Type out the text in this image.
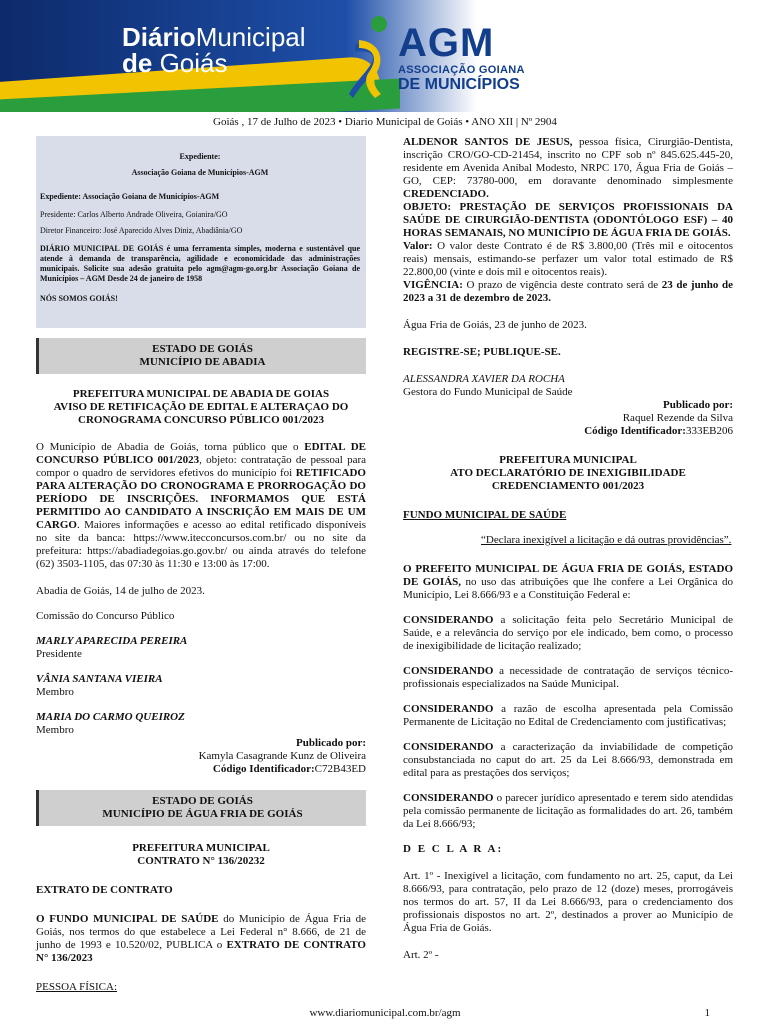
DiárioMunicipal
de Goiás	AGM
ASSOCIAÇÃO GOIANA
DE MUNICÍPIOS
Goiás , 17 de Julho de 2023 • Diario Municipal de Goiás • ANO XII | Nº 2904

Expediente:

Associação Goiana de Municípios-AGM

Expediente: Associação Goiana de Municípios-AGM

Presidente: Carlos Alberto Andrade Oliveira, Goianira/GO

Diretor Financeiro: José Aparecido Alves Diniz, Abadiânia/GO

DIÁRIO MUNICIPAL DE GOIÁS é uma ferramenta simples, moderna e sustentável que atende à demanda de transparência, agilidade e economicidade das administrações municipais. Solicite sua adesão gratuita pelo agm@agm-go.org.br Associação Goiana de Municípios – AGM Desde 24 de janeiro de 1958

NÓS SOMOS GOIÁS!

ESTADO DE GOIÁS
MUNICÍPIO DE ABADIA

PREFEITURA MUNICIPAL DE ABADIA DE GOIAS

AVISO DE RETIFICAÇÃO DE EDITAL E ALTERAÇAO DO

CRONOGRAMA CONCURSO PÚBLICO 001/2023

O Município de Abadia de Goiás, torna público que o EDITAL DE CONCURSO PÚBLICO 001/2023, objeto: contratação de pessoal para compor o quadro de servidores efetivos do município foi RETIFICADO PARA ALTERAÇÃO DO CRONOGRAMA E PRORROGAÇÃO DO PERÍODO DE INSCRIÇÕES. INFORMAMOS QUE ESTÁ PERMITIDO AO CANDIDATO A INSCRIÇÃO EM MAIS DE UM CARGO. Maiores informações e acesso ao edital retificado disponíveis no site da banca: https://www.itecconcursos.com.br/ ou no site da prefeitura: https://abadiadegoias.go.gov.br/ ou ainda através do telefone (62) 3503-1105, das 07:30 às 11:30 e 13:00 às 17:00.

Abadia de Goiás, 14 de julho de 2023.

Comissão do Concurso Público

MARLY APARECIDA PEREIRA

Presidente

VÂNIA SANTANA VIEIRA

Membro

MARIA DO CARMO QUEIROZ

Membro

Publicado por:

Kamyla Casagrande Kunz de Oliveira

Código Identificador:C72B43ED

ESTADO DE GOIÁS
MUNICÍPIO DE ÁGUA FRIA DE GOIÁS

PREFEITURA MUNICIPAL

CONTRATO N° 136/20232

EXTRATO DE CONTRATO

O FUNDO MUNICIPAL DE SAÚDE do Município de Água Fria de Goiás, nos termos do que estabelece a Lei Federal n° 8.666, de 21 de junho de 1993 e 10.520/02, PUBLICA o EXTRATO DE CONTRATO N° 136/2023

PESSOA FÍSICA:

ALDENOR SANTOS DE JESUS, pessoa física, Cirurgião-Dentista, inscrição CRO/GO-CD-21454, inscrito no CPF sob nº 845.625.445-20, residente em Avenida Aníbal Modesto, NRPC 170, Água Fria de Goiás – GO, CEP: 73780-000, em doravante denominado simplesmente CREDENCIADO.

OBJETO: PRESTAÇÃO DE SERVIÇOS PROFISSIONAIS DA SAÚDE DE CIRURGIÃO-DENTISTA (ODONTÓLOGO ESF) – 40 HORAS SEMANAIS, NO MUNICÍPIO DE ÁGUA FRIA DE GOIÁS.

Valor: O valor deste Contrato é de R$ 3.800,00 (Três mil e oitocentos reais) mensais, estimando-se perfazer um valor total estimado de R$ 22.800,00 (vinte e dois mil e oitocentos reais).

VIGÊNCIA: O prazo de vigência deste contrato será de 23 de junho de 2023 a 31 de dezembro de 2023.

Água Fria de Goiás, 23 de junho de 2023.

REGISTRE-SE; PUBLIQUE-SE.

ALESSANDRA XAVIER DA ROCHA

Gestora do Fundo Municipal de Saúde

Publicado por:

Raquel Rezende da Silva

Código Identificador:333EB206

PREFEITURA MUNICIPAL

ATO DECLARATÓRIO DE INEXIGIBILIDADE

CREDENCIAMENTO 001/2023

FUNDO MUNICIPAL DE SAÚDE

“Declara inexigível a licitação e dá outras providências”.

O PREFEITO MUNICIPAL DE ÁGUA FRIA DE GOIÁS, ESTADO DE GOIÁS, no uso das atribuições que lhe confere a Lei Orgânica do Município, Lei 8.666/93 e a Constituição Federal e:

CONSIDERANDO a solicitação feita pelo Secretário Municipal de Saúde, e a relevância do serviço por ele indicado, bem como, o processo de inexigibilidade de licitação realizado;

CONSIDERANDO a necessidade de contratação de serviços técnico-profissionais especializados na Saúde Municipal.

CONSIDERANDO a razão de escolha apresentada pela Comissão Permanente de Licitação no Edital de Credenciamento com justificativas;

CONSIDERANDO a caracterização da inviabilidade de competição consubstanciada no caput do art. 25 da Lei 8.666/93, demonstrada em edital para as prestações dos serviços;

CONSIDERANDO o parecer jurídico apresentado e terem sido atendidas pela comissão permanente de licitação as formalidades do art. 26, também da Lei 8.666/93;

D E C L A R A:

Art. 1º - Inexigível a licitação, com fundamento no art. 25, caput, da Lei 8.666/93, para contratação, pelo prazo de 12 (doze) meses, prorrogáveis nos termos do art. 57, II da Lei 8.666/93, para o credenciamento dos profissionais dispostos no art. 2º, destinados a prover ao Município de Água Fria de Goiás.

Art. 2º -

www.diariomunicipal.com.br/agm	1
